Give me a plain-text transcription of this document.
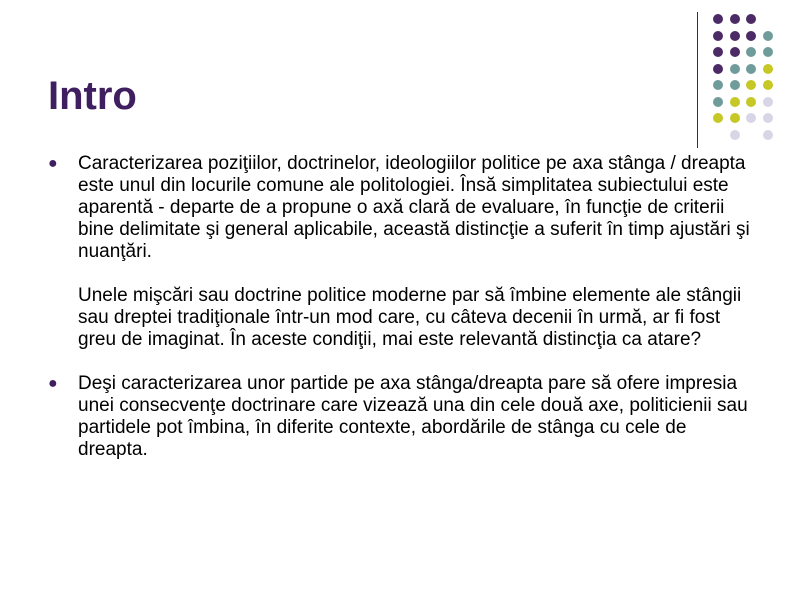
Intro

● Caracterizarea poziţiilor, doctrinelor, ideologiilor politice pe axa stânga / dreapta este unul din locurile comune ale politologiei. Însă simplitatea subiectului este aparentă - departe de a propune o axă clară de evaluare, în funcţie de criterii bine delimitate şi general aplicabile, această distincţie a suferit în timp ajustări şi nuanţări.

Unele mişcări sau doctrine politice moderne par să îmbine elemente ale stângii sau dreptei tradiţionale într-un mod care, cu câteva decenii în urmă, ar fi fost greu de imaginat. În aceste condiţii, mai este relevantă distincţia ca atare?

● Deşi caracterizarea unor partide pe axa stânga/dreapta pare să ofere impresia unei consecvenţe doctrinare care vizează una din cele două axe, politicienii sau partidele pot îmbina, în diferite contexte, abordările de stânga cu cele de dreapta.
